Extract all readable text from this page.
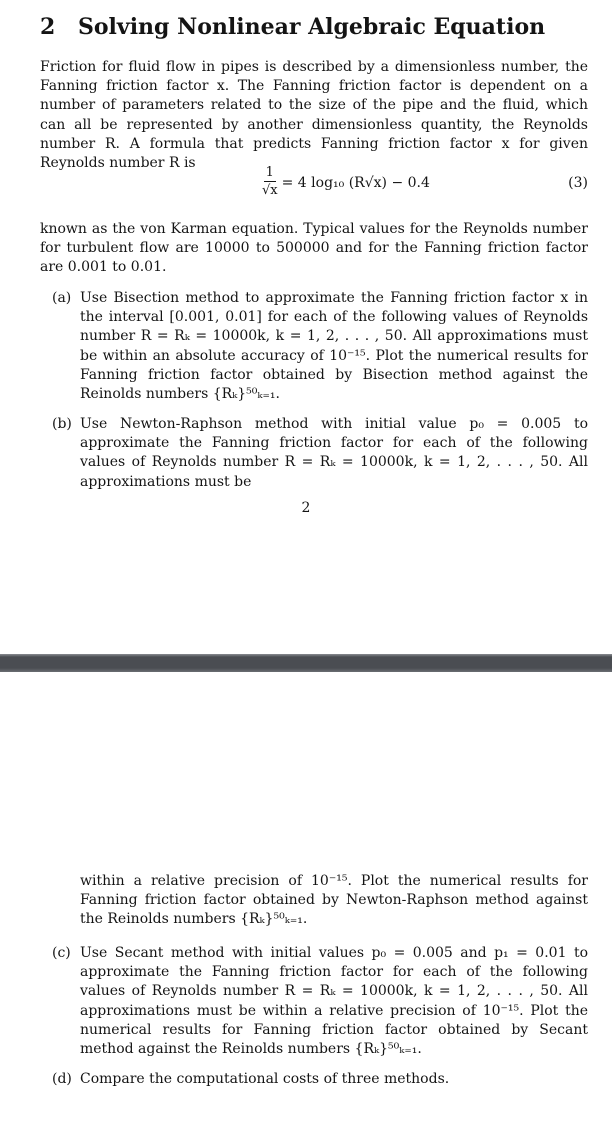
2 Solving Nonlinear Algebraic Equation

Friction for fluid flow in pipes is described by a dimensionless number, the Fanning friction factor x. The Fanning friction factor is dependent on a number of parameters related to the size of the pipe and the fluid, which can all be represented by another dimensionless quantity, the Reynolds number R. A formula that predicts Fanning friction factor x for given Reynolds number R is

$\frac{1}{√x} = 4$ log₁₀ (R√x) − 0.4	(3)

known as the von Karman equation. Typical values for the Reynolds number for turbulent flow are 10000 to 500000 and for the Fanning friction factor are 0.001 to 0.01.

(a) Use Bisection method to approximate the Fanning friction factor x in the interval [0.001, 0.01] for each of the following values of Reynolds number R = Rₖ = 10000k, k = 1, 2, . . . , 50. All approximations must be within an absolute accuracy of 10⁻¹⁵. Plot the numerical results for Fanning friction factor obtained by Bisection method against the Reinolds numbers {Rₖ}⁵⁰ₖ₌₁.
(b) Use Newton-Raphson method with initial value p₀ = 0.005 to approximate the Fanning friction factor for each of the following values of Reynolds number R = Rₖ = 10000k, k = 1, 2, . . . , 50. All approximations must be
2
within a relative precision of 10⁻¹⁵. Plot the numerical results for Fanning friction factor obtained by Newton-Raphson method against the Reinolds numbers {Rₖ}⁵⁰ₖ₌₁.
(c) Use Secant method with initial values p₀ = 0.005 and p₁ = 0.01 to approximate the Fanning friction factor for each of the following values of Reynolds number R = Rₖ = 10000k, k = 1, 2, . . . , 50. All approximations must be within a relative precision of 10⁻¹⁵. Plot the numerical results for Fanning friction factor obtained by Secant method against the Reinolds numbers {Rₖ}⁵⁰ₖ₌₁.
(d) Compare the computational costs of three methods.
